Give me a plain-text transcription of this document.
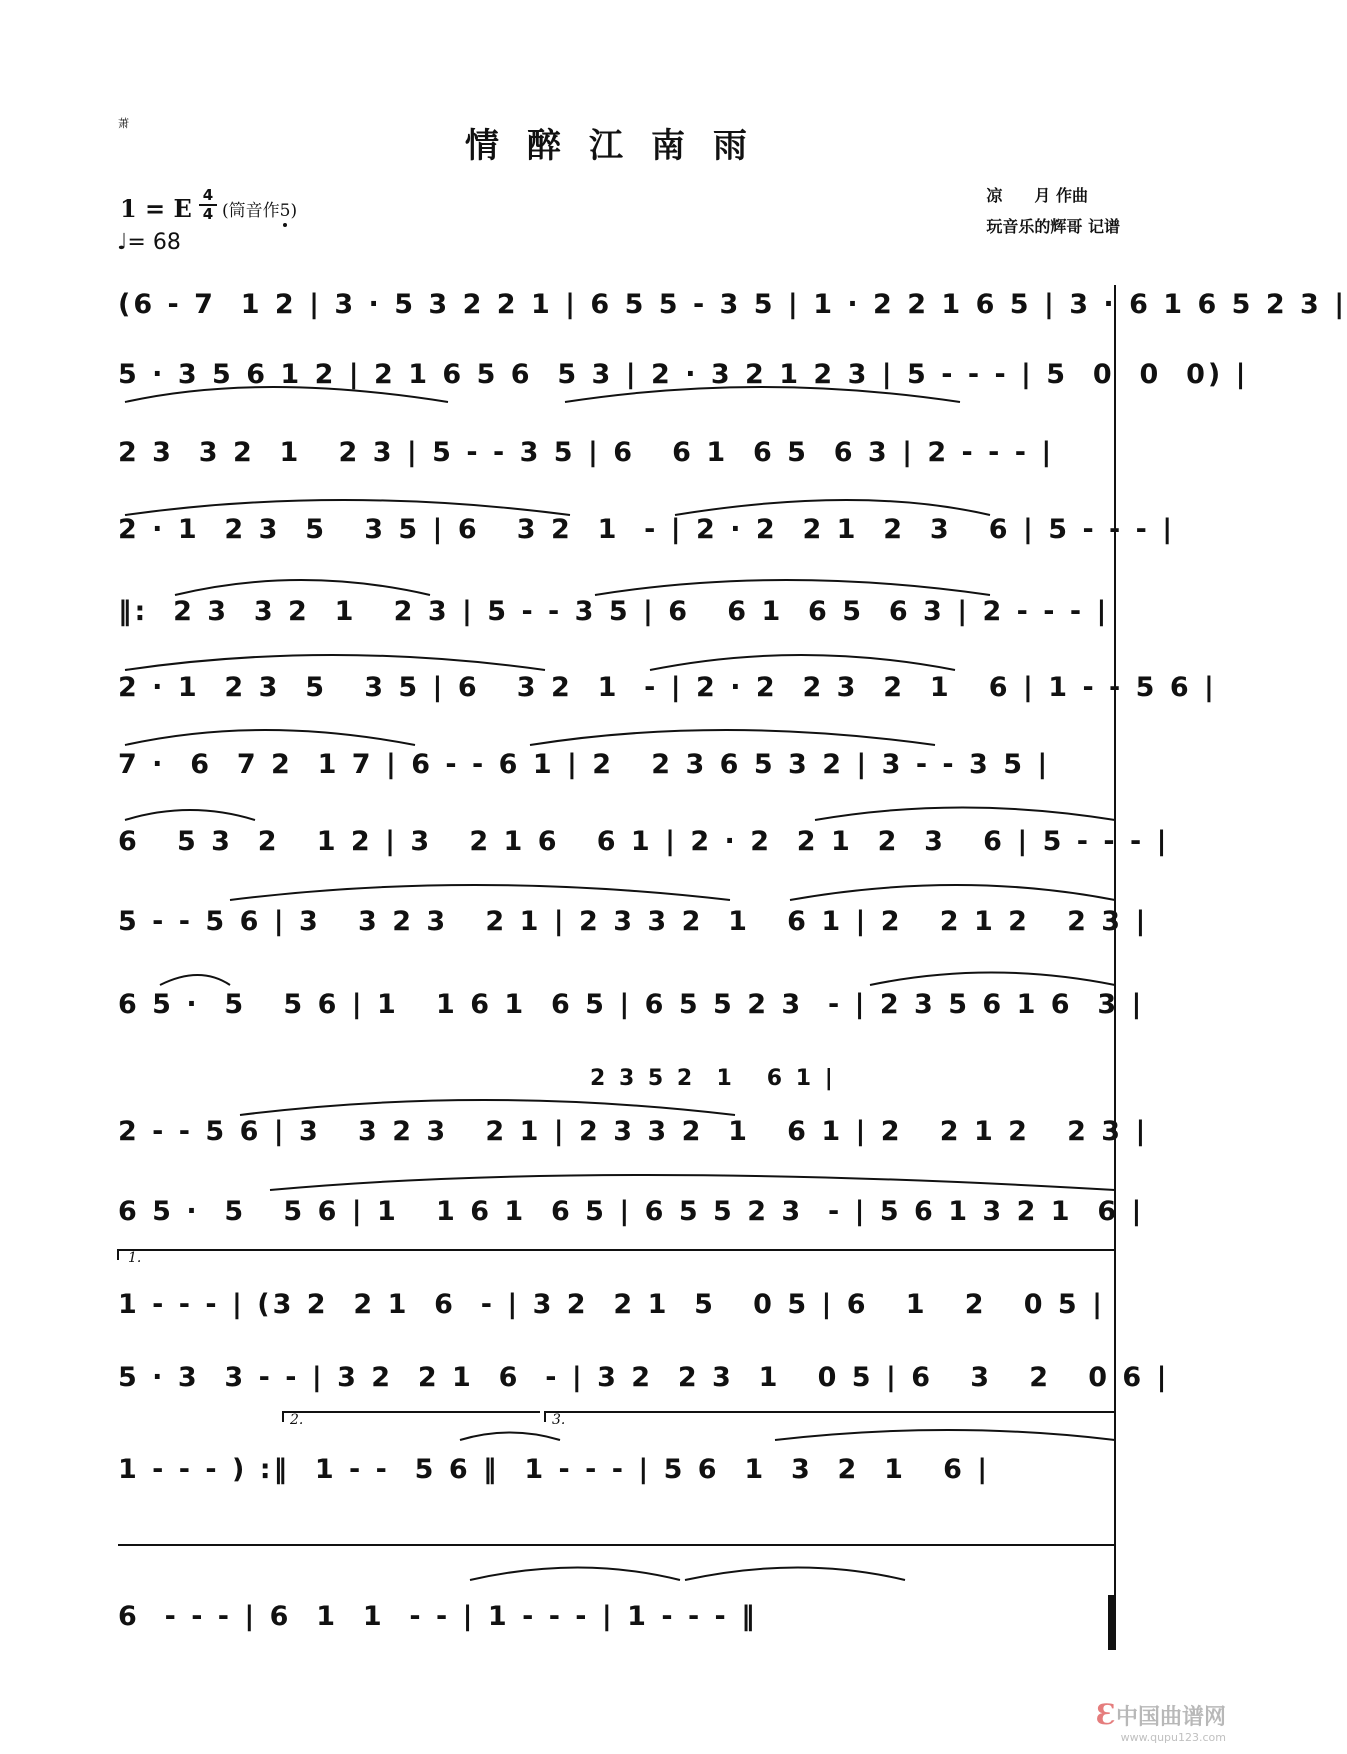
萧
情醉江南雨
1 = E 4
4 (筒音作5)
♩= 68
凉　　月 作曲
玩音乐的辉哥 记谱
(6 - 7  1 2 | 3 · 5 3 2 2 1 | 6 5 5 - 3 5 | 1 · 2 2 1 6 5 | 3 · 6 1 6 5 2 3 |
5 · 3 5 6 1 2 | 2 1 6 5 6  5 3 | 2 · 3 2 1 2 3 | 5 - - - | 5  0  0  0) |
2 3  3 2  1   2 3 | 5 - - 3 5 | 6   6 1  6 5  6 3 | 2 - - - |
2 · 1  2 3  5   3 5 | 6   3 2  1  - | 2 · 2  2 1  2  3   6 | 5 - - - |
‖:  2 3  3 2  1   2 3 | 5 - - 3 5 | 6   6 1  6 5  6 3 | 2 - - - |
2 · 1  2 3  5   3 5 | 6   3 2  1  - | 2 · 2  2 3  2  1   6 | 1 - - 5 6 |
7 ·  6  7 2  1 7 | 6 - - 6 1 | 2   2 3 6 5 3 2 | 3 - - 3 5 |
6   5 3  2   1 2 | 3   2 1 6   6 1 | 2 · 2  2 1  2  3   6 | 5 - - - |
5 - - 5 6 | 3   3 2 3   2 1 | 2 3 3 2  1   6 1 | 2   2 1 2   2 3 |
6 5 ·  5   5 6 | 1   1 6 1  6 5 | 6 5 5 2 3  - | 2 3 5 6 1 6  3 |
2 3 5 2  1   6 1 |
2 - - 5 6 | 3   3 2 3   2 1 | 2 3 3 2  1   6 1 | 2   2 1 2   2 3 |
6 5 ·  5   5 6 | 1   1 6 1  6 5 | 6 5 5 2 3  - | 5 6 1 3 2 1  6 |
1 - - - | (3 2  2 1  6  - | 3 2  2 1  5   0 5 | 6   1   2   0 5 |
5 · 3  3 - - | 3 2  2 1  6  - | 3 2  2 3  1   0 5 | 6   3   2   0 6 |
1 - - - ) :‖  1 - -  5 6 ‖  1 - - - | 5 6  1  3  2  1   6 |
6  - - - | 6  1  1  - - | 1 - - - | 1 - - - ‖
1.
2.	3.
Ɛ中国曲谱网
www.qupu123.com
